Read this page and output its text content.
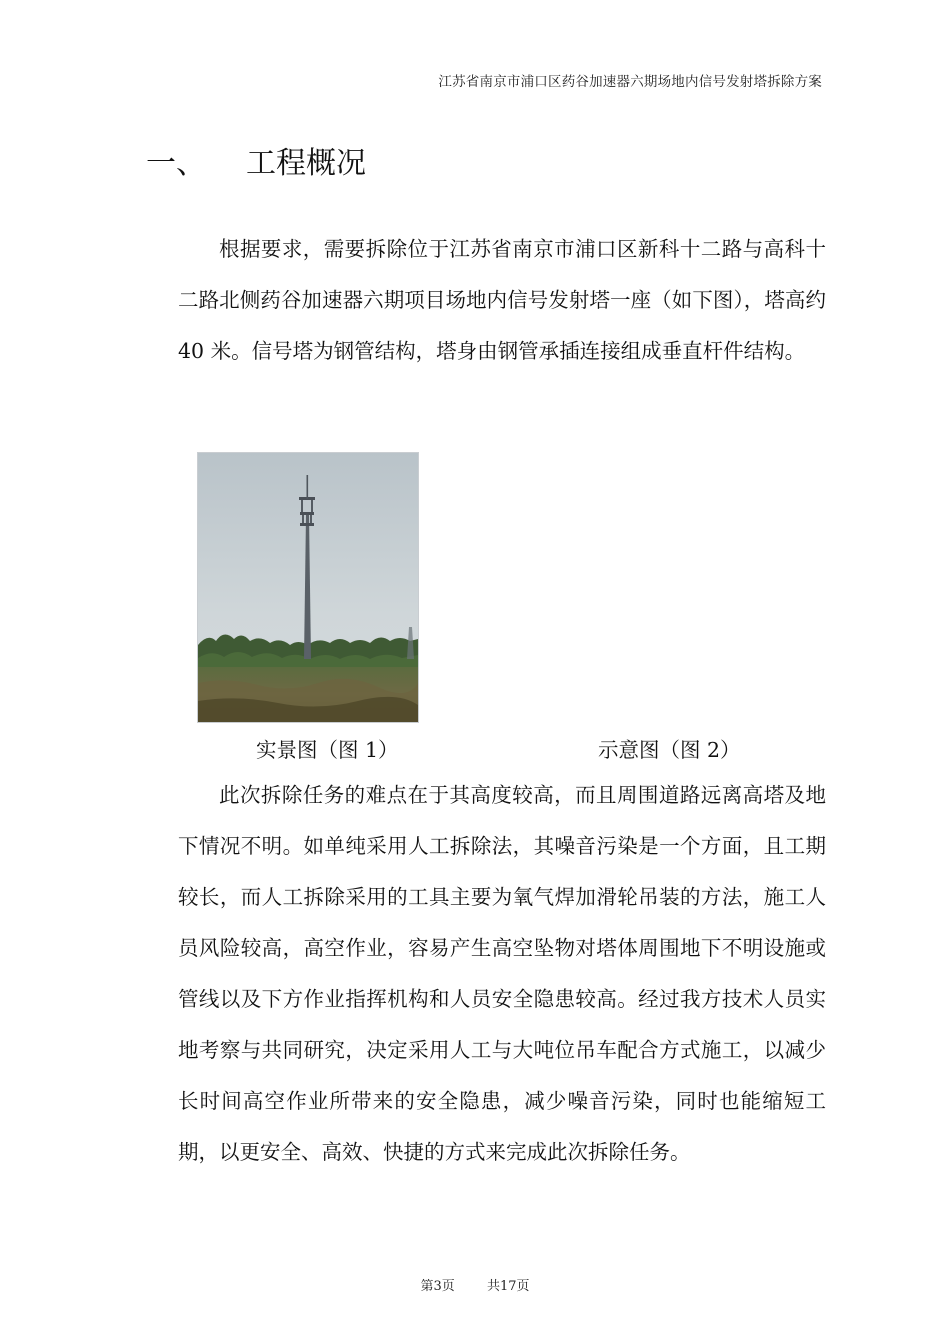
江苏省南京市浦口区药谷加速器六期场地内信号发射塔拆除方案
一、	工程概况

根据要求，需要拆除位于江苏省南京市浦口区新科十二路与高科十二路北侧药谷加速器六期项目场地内信号发射塔一座（如下图），塔高约 40 米。信号塔为钢管结构，塔身由钢管承插连接组成垂直杆件结构。

实景图（图 1）	示意图（图 2）

此次拆除任务的难点在于其高度较高，而且周围道路远离高塔及地下情况不明。如单纯采用人工拆除法，其噪音污染是一个方面，且工期较长，而人工拆除采用的工具主要为氧气焊加滑轮吊装的方法，施工人员风险较高，高空作业，容易产生高空坠物对塔体周围地下不明设施或管线以及下方作业指挥机构和人员安全隐患较高。经过我方技术人员实地考察与共同研究，决定采用人工与大吨位吊车配合方式施工，以减少长时间高空作业所带来的安全隐患，减少噪音污染，同时也能缩短工期，以更安全、高效、快捷的方式来完成此次拆除任务。

第3页 共17页
